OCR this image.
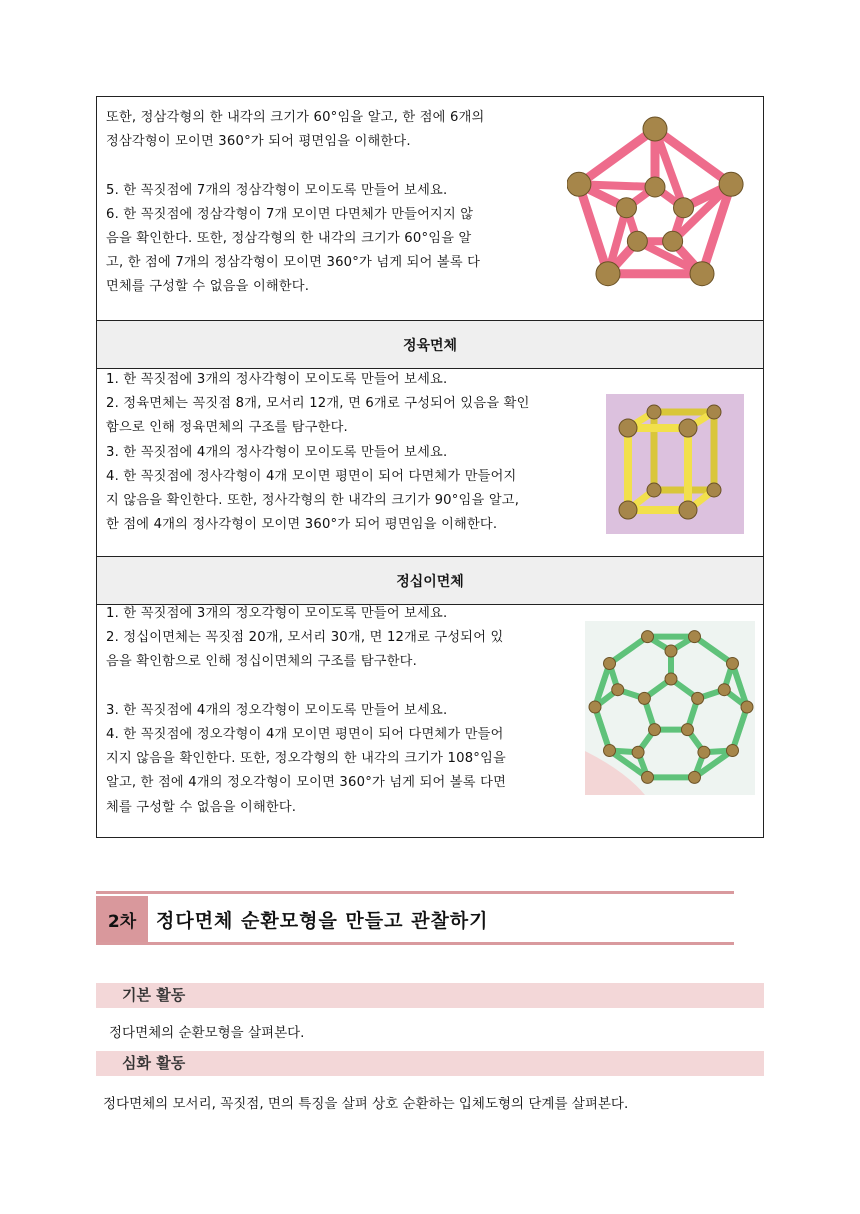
또한, 정삼각형의 한 내각의 크기가 60°임을 알고, 한 점에 6개의

정삼각형이 모이면 360°가 되어 평면임을 이해한다.

5. 한 꼭짓점에 7개의 정삼각형이 모이도록 만들어 보세요.

6. 한 꼭짓점에 정삼각형이 7개 모이면 다면체가 만들어지지 않

음을 확인한다. 또한, 정삼각형의 한 내각의 크기가 60°임을 알

고, 한 점에 7개의 정삼각형이 모이면 360°가 넘게 되어 볼록 다

면체를 구성할 수 없음을 이해한다.

정육면체

1. 한 꼭짓점에 3개의 정사각형이 모이도록 만들어 보세요.

2. 정육면체는 꼭짓점 8개, 모서리 12개, 면 6개로 구성되어 있음을 확인

함으로 인해 정육면체의 구조를 탐구한다.

3. 한 꼭짓점에 4개의 정사각형이 모이도록 만들어 보세요.

4. 한 꼭짓점에 정사각형이 4개 모이면 평면이 되어 다면체가 만들어지

지 않음을 확인한다. 또한, 정사각형의 한 내각의 크기가 90°임을 알고,

한 점에 4개의 정사각형이 모이면 360°가 되어 평면임을 이해한다.

정십이면체

1. 한 꼭짓점에 3개의 정오각형이 모이도록 만들어 보세요.

2. 정십이면체는 꼭짓점 20개, 모서리 30개, 면 12개로 구성되어 있

음을 확인함으로 인해 정십이면체의 구조를 탐구한다.

3. 한 꼭짓점에 4개의 정오각형이 모이도록 만들어 보세요.

4. 한 꼭짓점에 정오각형이 4개 모이면 평면이 되어 다면체가 만들어

지지 않음을 확인한다. 또한, 정오각형의 한 내각의 크기가 108°임을

알고, 한 점에 4개의 정오각형이 모이면 360°가 넘게 되어 볼록 다면

체를 구성할 수 없음을 이해한다.

2차	정다면체 순환모형을 만들고 관찰하기
기본 활동
정다면체의 순환모형을 살펴본다.
심화 활동
정다면체의 모서리, 꼭짓점, 면의 특징을 살펴 상호 순환하는 입체도형의 단계를 살펴본다.
